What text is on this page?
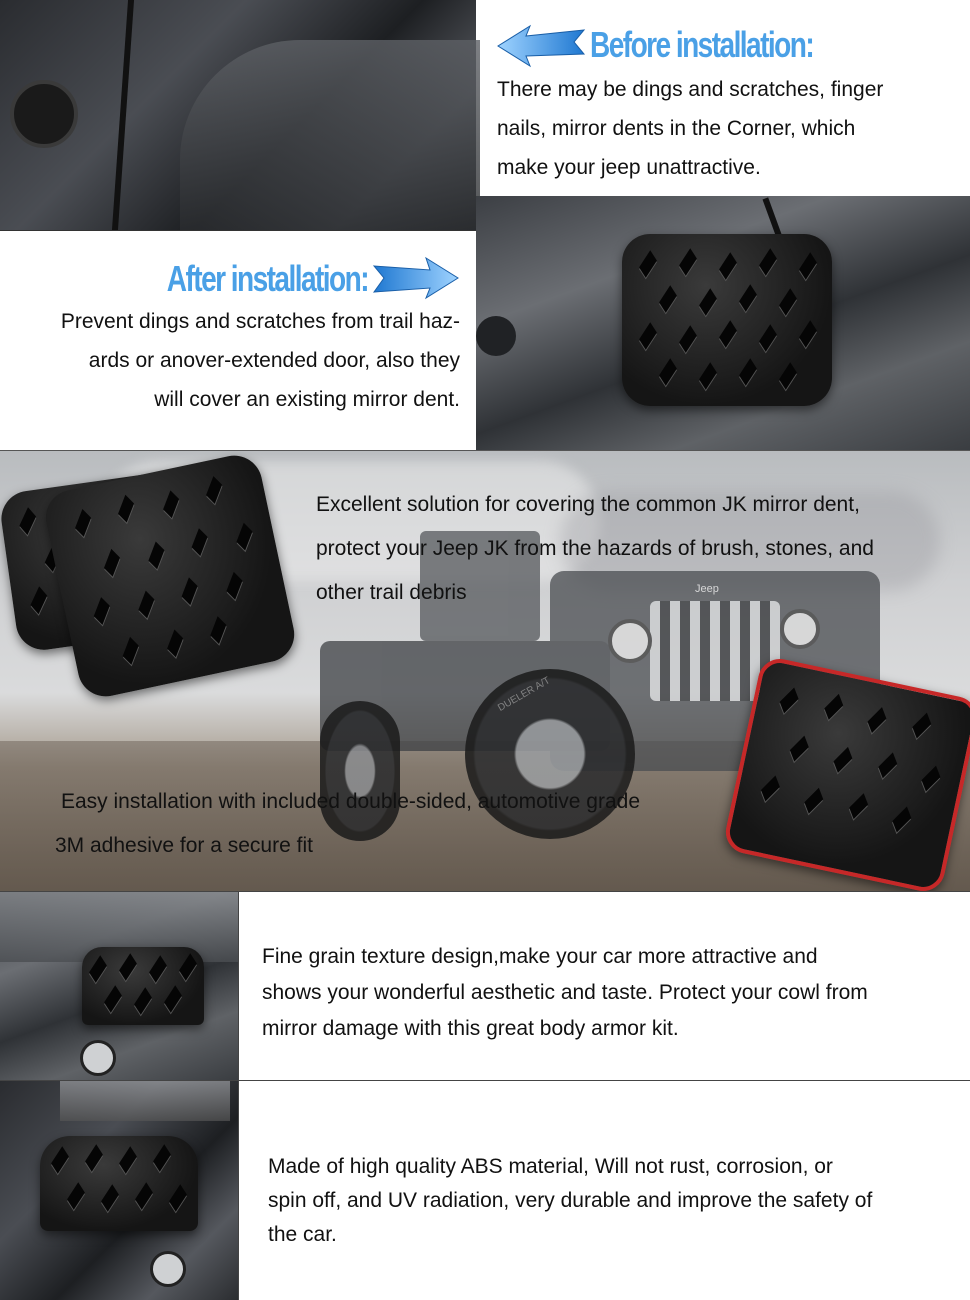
Before installation:
There may be dings and scratches, finger
nails, mirror dents in the Corner, which
make your jeep unattractive.
After installation:
Prevent dings and scratches from trail haz-
ards or anover-extended door, also they
will cover an existing mirror dent.
Jeep
DUELER A/T
Excellent solution for covering the common JK mirror dent,
protect your Jeep JK from the hazards of brush, stones, and
other trail debris
Easy installation with included double-sided, automotive grade
3M adhesive for a secure fit
Fine grain texture design,make your car more attractive and
shows your wonderful aesthetic and taste. Protect your cowl from
mirror damage with this great body armor kit.
Made of high quality ABS material, Will not rust, corrosion, or
spin off, and UV radiation, very durable and improve the safety of
the car.
